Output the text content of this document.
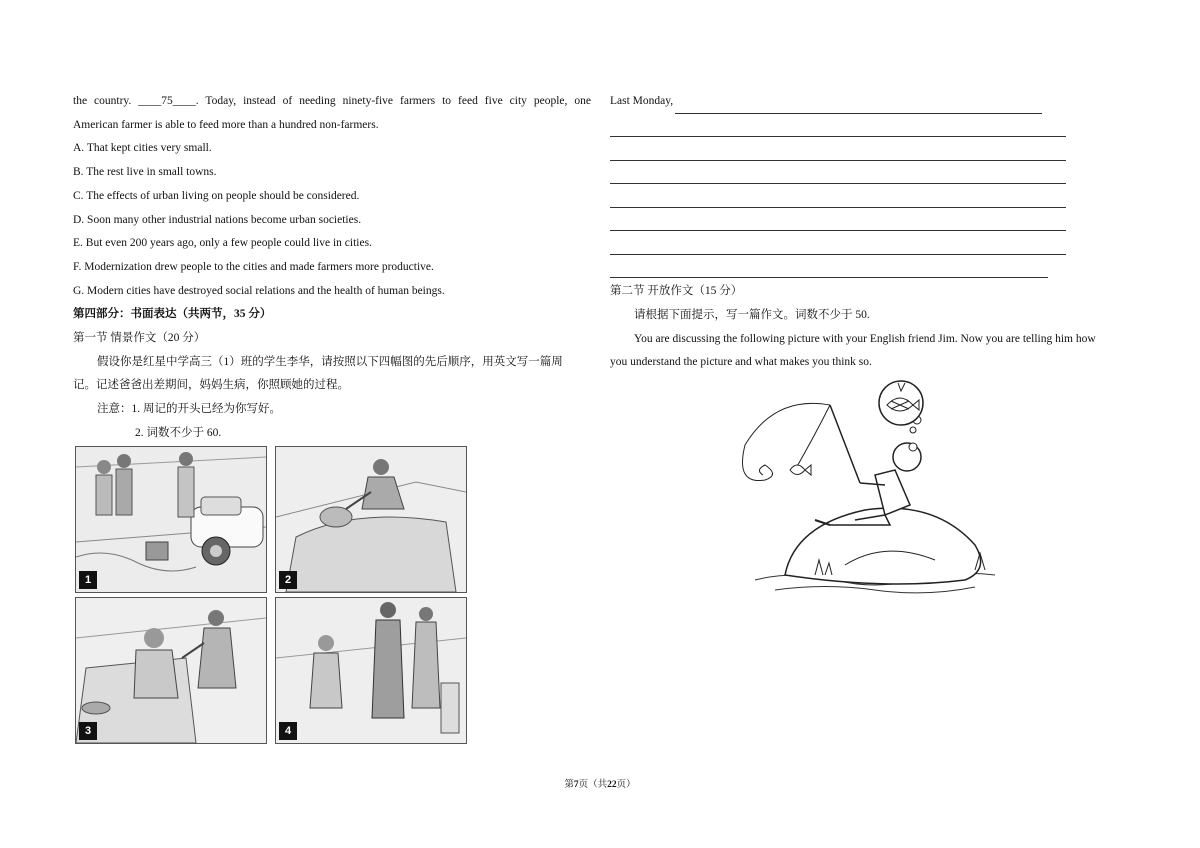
the country. ____75____. Today, instead of needing ninety-five farmers to feed five city people, one
American farmer is able to feed more than a hundred non-farmers.
A. That kept cities very small.
B. The rest live in small towns.
C. The effects of urban living on people should be considered.
D. Soon many other industrial nations become urban societies.
E. But even 200 years ago, only a few people could live in cities.
F. Modernization drew people to the cities and made farmers more productive.
G. Modern cities have destroyed social relations and the health of human beings.
第四部分：书面表达（共两节，35 分）
第一节 情景作文（20 分）
假设你是红星中学高三（1）班的学生李华，请按照以下四幅图的先后顺序，用英文写一篇周
记。记述爸爸出差期间，妈妈生病，你照顾她的过程。
注意：1. 周记的开头已经为你写好。
2. 词数不少于 60.
1	2
3	4
Last Monday,
第二节 开放作文（15 分）
请根据下面提示，写一篇作文。词数不少于 50.
You are discussing the following picture with your English friend Jim. Now you are telling him how
you understand the picture and what makes you think so.
第7页（共22页）
